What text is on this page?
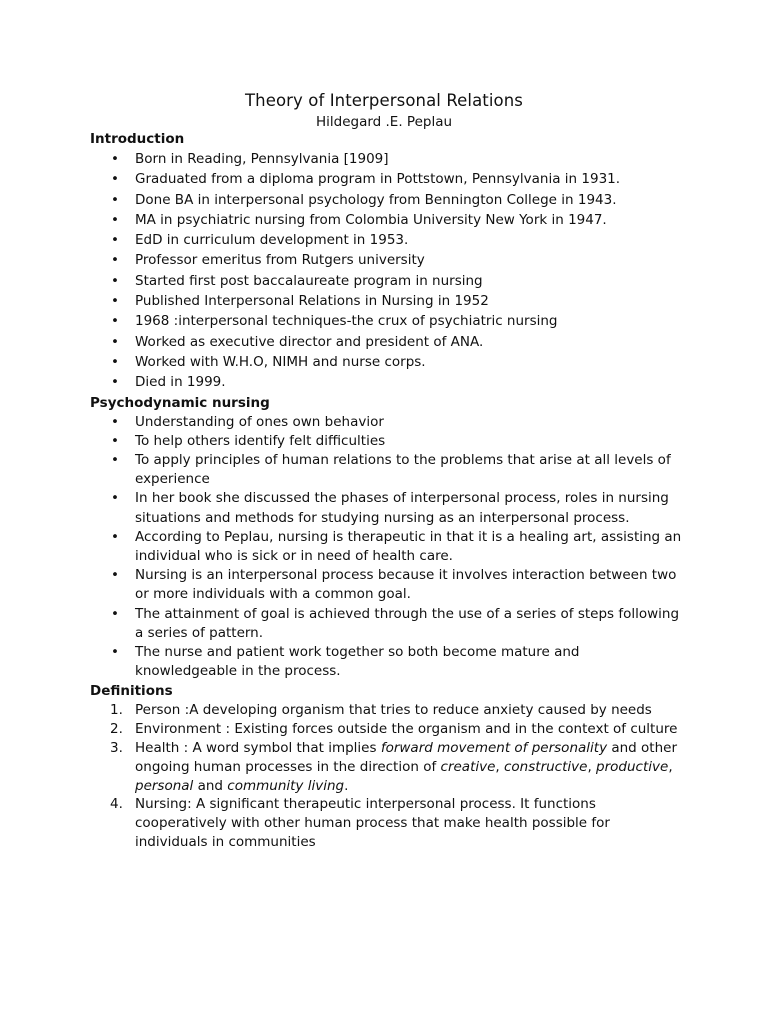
Theory of Interpersonal Relations

Hildegard .E. Peplau

Introduction
• Born in Reading, Pennsylvania [1909]
• Graduated from a diploma program in Pottstown, Pennsylvania in 1931.
• Done BA in interpersonal psychology from Bennington College in 1943.
• MA in psychiatric nursing from Colombia University New York in 1947.
• EdD in curriculum development in 1953.
• Professor emeritus from Rutgers university
• Started first post baccalaureate program in nursing
• Published Interpersonal Relations in Nursing in 1952
• 1968 :interpersonal techniques-the crux of psychiatric nursing
• Worked as executive director and president of ANA.
• Worked with W.H.O, NIMH and nurse corps.
• Died in 1999.
Psychodynamic nursing
• Understanding of ones own behavior
• To help others identify felt difficulties
• To apply principles of human relations to the problems that arise at all levels of experience
• In her book she discussed the phases of interpersonal process, roles in nursing situations and methods for studying nursing as an interpersonal process.
• According to Peplau, nursing is therapeutic in that it is a healing art, assisting an individual who is sick or in need of health care.
• Nursing is an interpersonal process because it involves interaction between two or more individuals with a common goal.
• The attainment of goal is achieved through the use of a series of steps following a series of pattern.
• The nurse and patient work together so both become mature and knowledgeable in the process.
Definitions
1. Person :A developing organism that tries to reduce anxiety caused by needs
2. Environment : Existing forces outside the organism and in the context of culture
3. Health : A word symbol that implies forward movement of personality and other ongoing human processes in the direction of creative, constructive, productive, personal and community living.
4. Nursing: A significant therapeutic interpersonal process. It functions cooperatively with other human process that make health possible for individuals in communities
